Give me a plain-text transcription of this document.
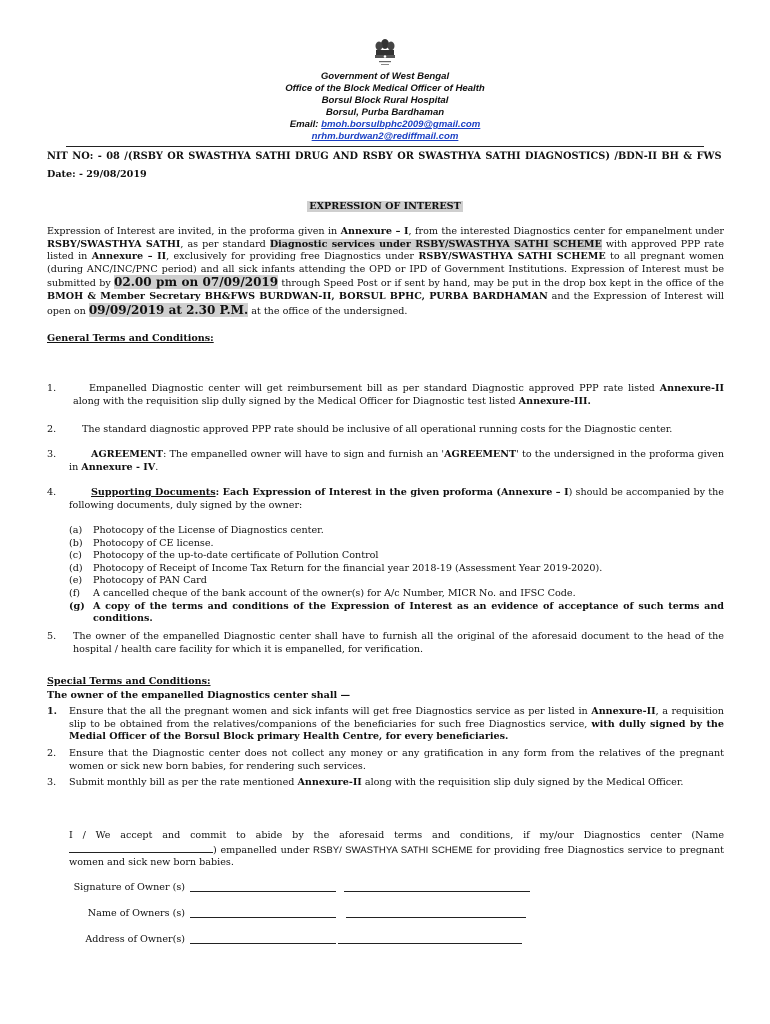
Government of West Bengal
Office of the Block Medical Officer of Health
Borsul Block Rural Hospital
Borsul, Purba Bardhaman
Email: bmoh.borsulbphc2009@gmail.com
nrhm.burdwan2@rediffmail.com
NIT NO: - 08 /(RSBY OR SWASTHYA SATHI DRUG AND RSBY OR SWASTHYA SATHI DIAGNOSTICS) /BDN-II BH & FWS
Date: - 29/08/2019
EXPRESSION OF INTEREST
Expression of Interest are invited, in the proforma given in Annexure – I, from the interested Diagnostics center for empanelment under RSBY/SWASTHYA SATHI, as per standard Diagnostic services under RSBY/SWASTHYA SATHI SCHEME with approved PPP rate listed in Annexure – II, exclusively for providing free Diagnostics under RSBY/SWASTHYA SATHI SCHEME to all pregnant women (during ANC/INC/PNC period) and all sick infants attending the OPD or IPD of Government Institutions. Expression of Interest must be submitted by 02.00 pm on 07/09/2019 through Speed Post or if sent by hand, may be put in the drop box kept in the office of the BMOH & Member Secretary BH&FWS BURDWAN-II, BORSUL BPHC, PURBA BARDHAMAN and the Expression of Interest will open on 09/09/2019 at 2.30 P.M. at the office of the undersigned.
General Terms and Conditions:
1.	Empanelled Diagnostic center will get reimbursement bill as per standard Diagnostic approved PPP rate listed Annexure-II along with the requisition slip dully signed by the Medical Officer for Diagnostic test listed Annexure-III.
2.	The standard diagnostic approved PPP rate should be inclusive of all operational running costs for the Diagnostic center.
3.	AGREEMENT: The empanelled owner will have to sign and furnish an 'AGREEMENT' to the undersigned in the proforma given in Annexure - IV.
4.	Supporting Documents: Each Expression of Interest in the given proforma (Annexure – I) should be accompanied by the following documents, duly signed by the owner:
(a)	Photocopy of the License of Diagnostics center.
(b)	Photocopy of CE license.
(c)	Photocopy of the up-to-date certificate of Pollution Control
(d)	Photocopy of Receipt of Income Tax Return for the financial year 2018-19 (Assessment Year 2019-2020).
(e)	Photocopy of PAN Card
(f)	A cancelled cheque of the bank account of the owner(s) for A/c Number, MICR No. and IFSC Code.
(g) A copy of the terms and conditions of the Expression of Interest as an evidence of acceptance of such terms and conditions.
5. The owner of the empanelled Diagnostic center shall have to furnish all the original of the aforesaid document to the head of the hospital / health care facility for which it is empanelled, for verification.
Special Terms and Conditions:
The owner of the empanelled Diagnostics center shall —
1. Ensure that the all the pregnant women and sick infants will get free Diagnostics service as per listed in Annexure-II, a requisition slip to be obtained from the relatives/companions of the beneficiaries for such free Diagnostics service, with dully signed by the Medial Officer of the Borsul Block primary Health Centre, for every beneficiaries.
2. Ensure that the Diagnostic center does not collect any money or any gratification in any form from the relatives of the pregnant women or sick new born babies, for rendering such services.
3. Submit monthly bill as per the rate mentioned Annexure-II along with the requisition slip duly signed by the Medical Officer.
I / We accept and commit to abide by the aforesaid terms and conditions, if my/our Diagnostics center (Name) empanelled under RSBY/ SWASTHYA SATHI SCHEME for providing free Diagnostics service to pregnant women and sick new born babies.
Signature of Owner (s)
Name of Owners (s)
Address of Owner(s)
